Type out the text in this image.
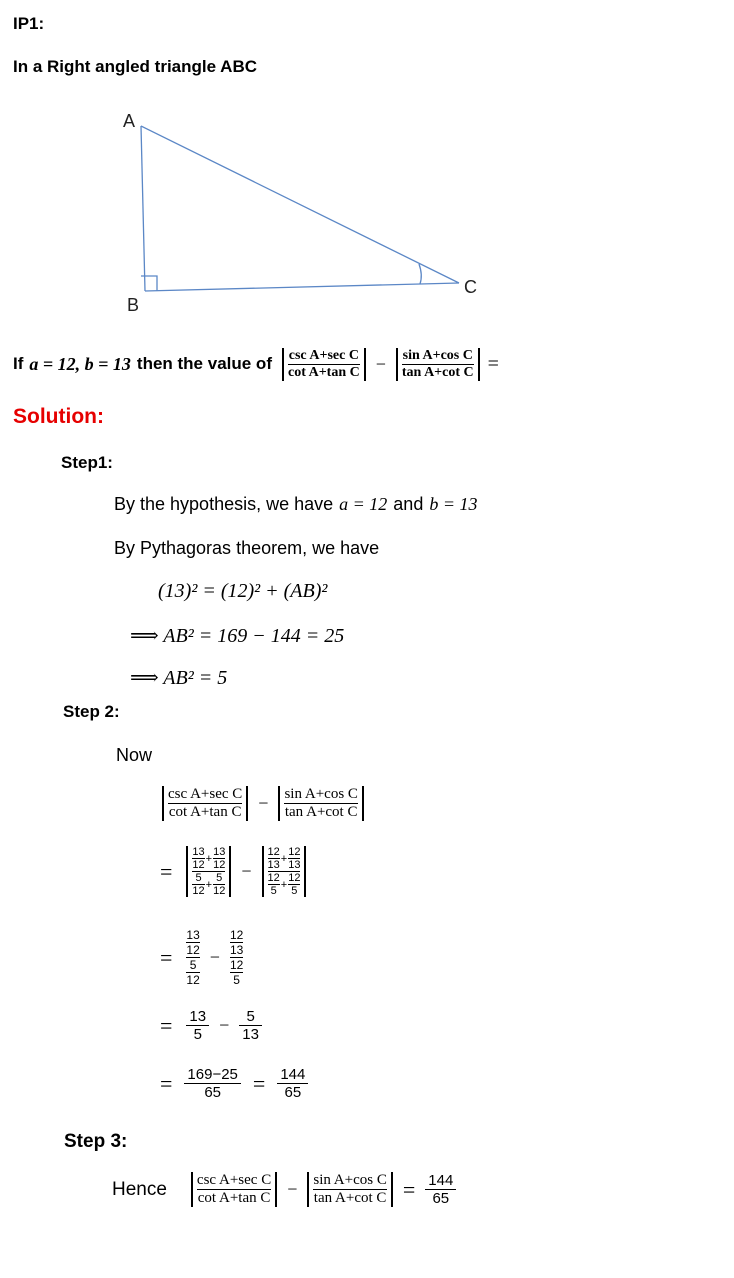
IP1:
In a Right angled triangle ABC
A
B
C
If a = 12, b = 13 then the value of $\frac{\text{csc A+sec C}}{\text{cot A+tan C}} - \frac{\text{sin A+cos C}}{\text{tan A+cot C}}$ =
Solution:
Step1:
By the hypothesis, we have a = 12 and b = 13
By Pythagoras theorem, we have
(13)² = (12)² + (AB)²
⟹ AB² = 169 − 144 = 25
⟹ AB² = 5
Step 2:
Now
$\frac{\text{csc A+sec C}}{\text{cot A+tan C}} - \frac{\text{sin A+cos C}}{\text{tan A+cot C}}$
= $\frac{\frac{13}{12} + \frac{13}{12}}{\frac{5}{12} + \frac{5}{12}} - \frac{\frac{12}{13} + \frac{12}{13}}{\frac{12}{5} + \frac{12}{5}}$
= $\frac{\frac{13}{12}}{\frac{5}{12}} - \frac{\frac{12}{13}}{\frac{12}{5}}$
= $\frac{13}{5} - \frac{5}{13}$
= $\frac{169-25}{65} = \frac{144}{65}$
Step 3:
Hence $\frac{\text{csc A+sec C}}{\text{cot A+tan C}} - \frac{\text{sin A+cos C}}{\text{tan A+cot C}} = \frac{144}{65}$
